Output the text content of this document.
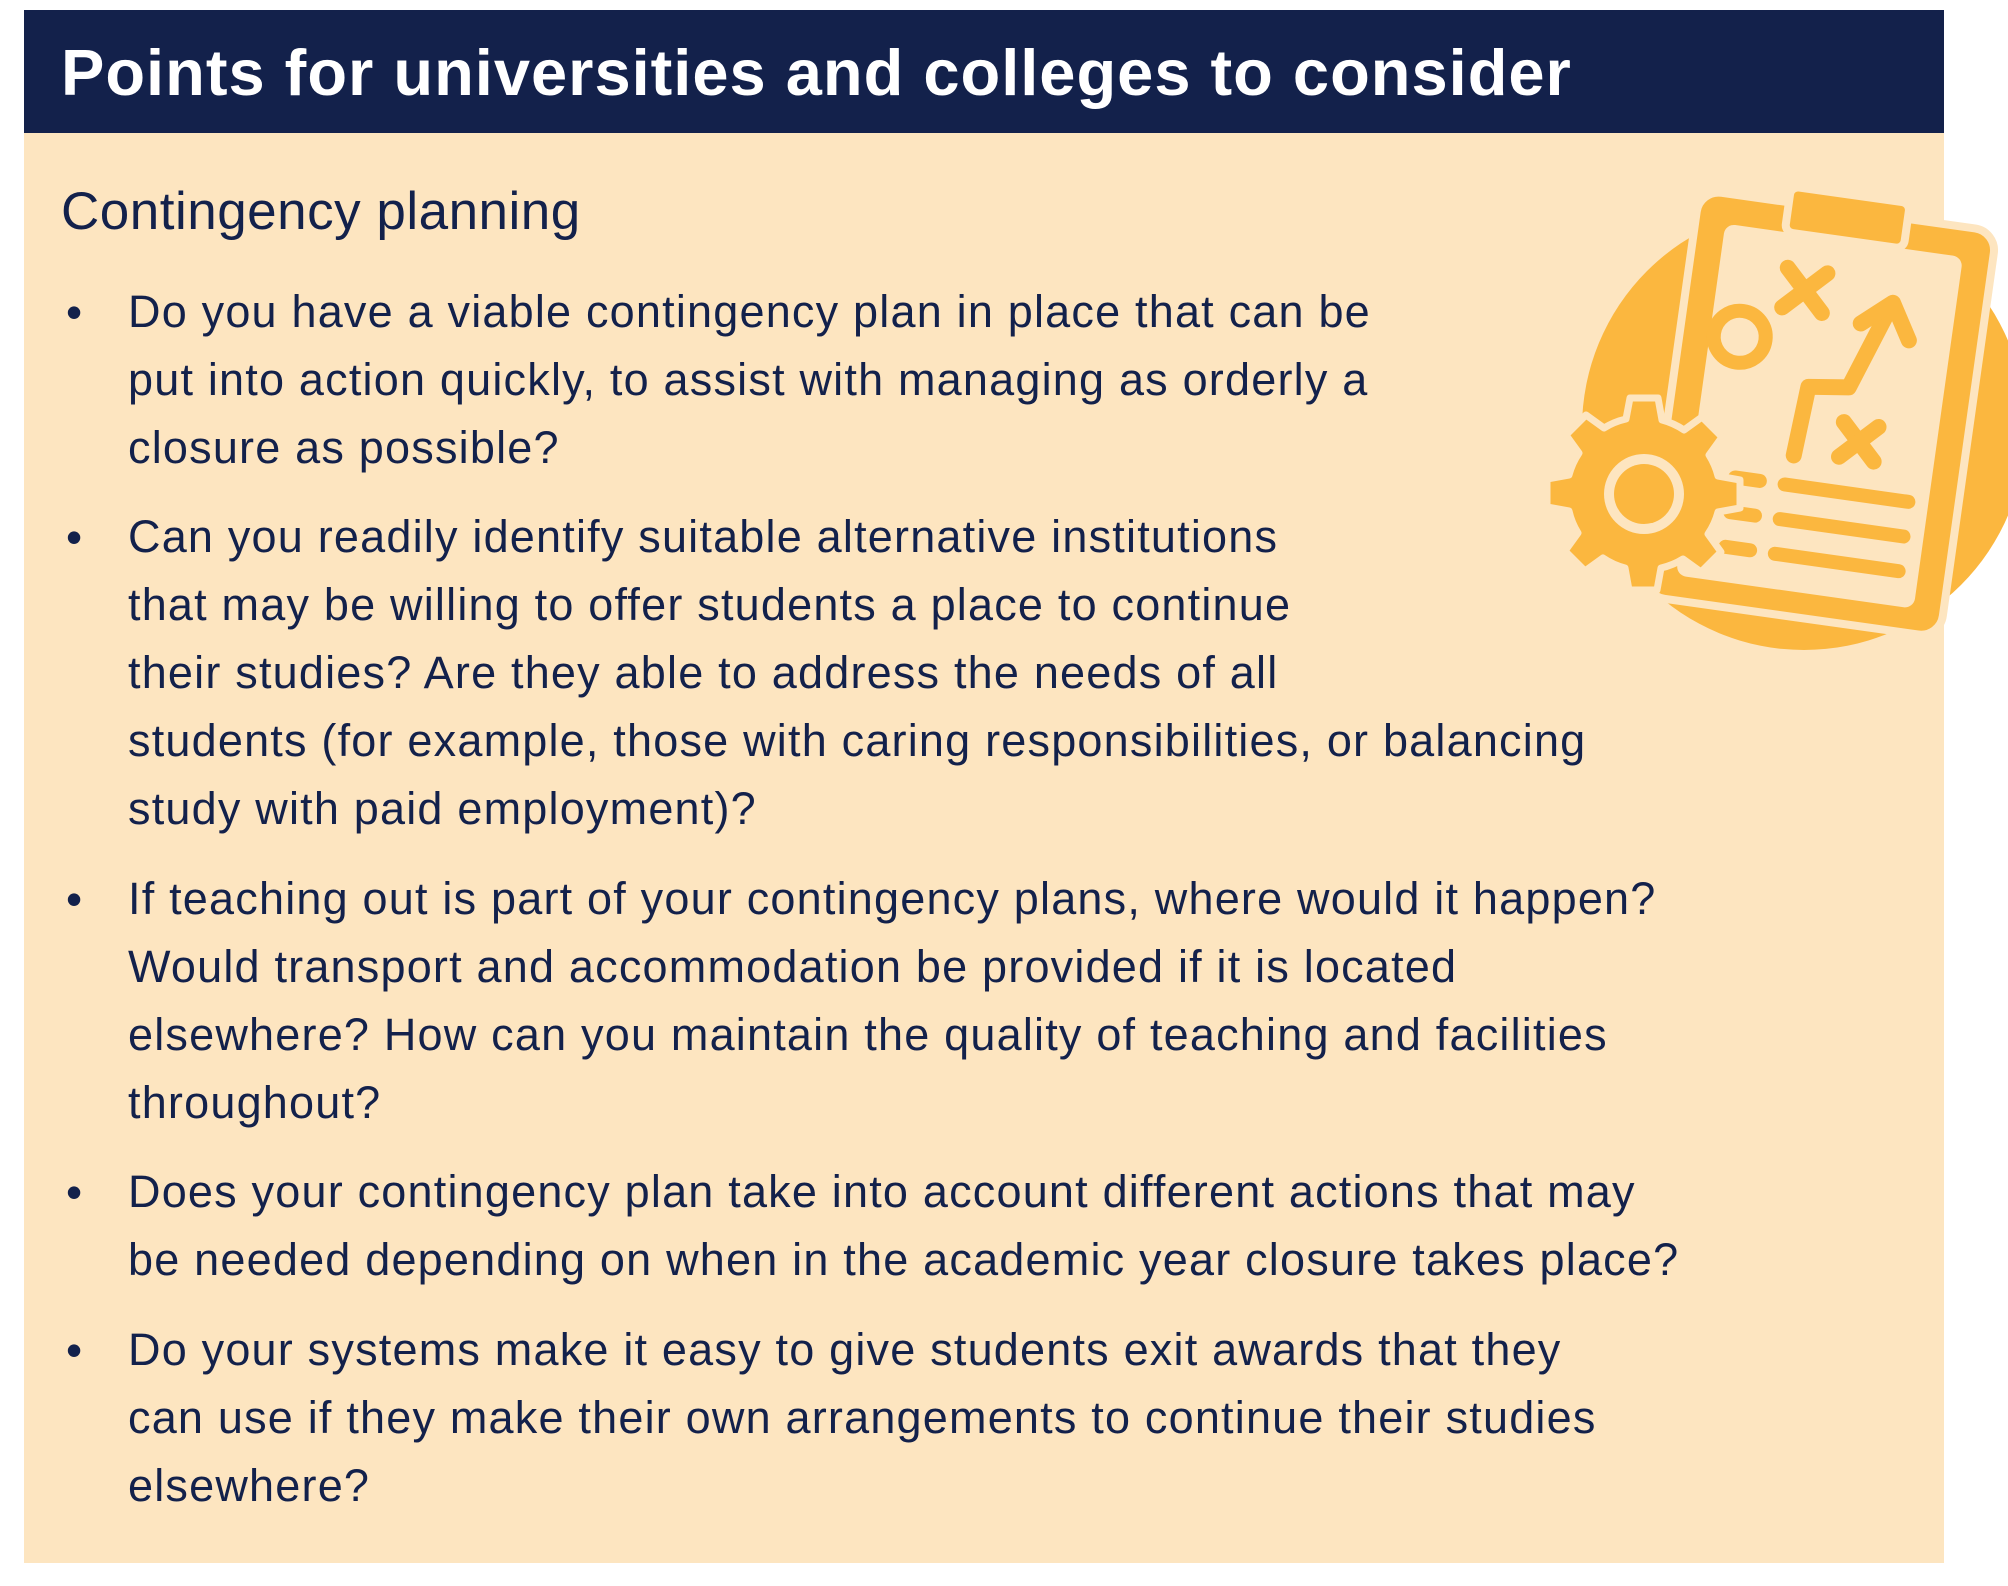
Points for universities and colleges to consider
Contingency planning
• Do you have a viable contingency plan in place that can be
put into action quickly, to assist with managing as orderly a
closure as possible?

• Can you readily identify suitable alternative institutions
that may be willing to offer students a place to continue
their studies? Are they able to address the needs of all
students (for example, those with caring responsibilities, or balancing
study with paid employment)?

• If teaching out is part of your contingency plans, where would it happen?
Would transport and accommodation be provided if it is located
elsewhere? How can you maintain the quality of teaching and facilities
throughout?

• Does your contingency plan take into account different actions that may
be needed depending on when in the academic year closure takes place?

• Do your systems make it easy to give students exit awards that they
can use if they make their own arrangements to continue their studies
elsewhere?
